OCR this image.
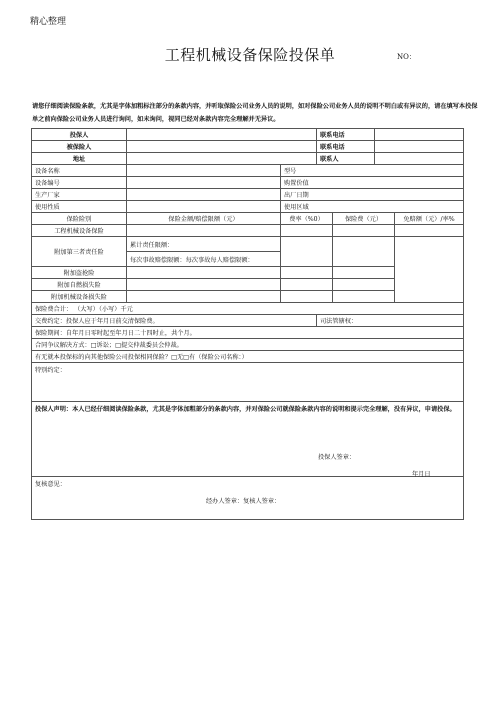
精心整理
工程机械设备保险投保单	NO：
请您仔细阅读保险条款，尤其是字体加粗标注部分的条款内容，并听取保险公司业务人员的说明，如对保险公司业务人员的说明不明白或有异议的，请在填写本投保单之前向保险公司业务人员进行询问，如未询问，视同已经对条款内容完全理解并无异议。
投保人			联系电话			
被保险人			联系电话			
地址			联系人			
设备名称		型号				
设备编号		购置价值				
生产厂家		出厂日期				
使用性质		使用区域				
保险险别	保险金额/赔偿限额（元）	费率（%0）		保险费（元）		免赔额（元）/率%
工程机械设备保险						
附加第三者责任险	累计责任限额：					
	每次事故赔偿限额：每次事故每人赔偿限额：					
附加盗抢险						
附加自燃损失险						
附加机械设备损失险						
保险费合计： （大写）（小写）千元						
交费约定：投保人应于年月日前交清保险费。			司法管辖权：			
保险期间：自年月日零时起至年月日二十四时止，共个月。						
合同争议解决方式：□诉讼；□提交仲裁委员会仲裁。						
有无就本投保标的向其他保险公司投保相同保险？□无□有（保险公司名称：）						
特别约定：						
投保人声明：本人已经仔细阅读保险条款，尤其是字体加粗部分的条款内容，并对保险公司就保险条款内容的说明和提示完全理解，没有异议，申请投保。						
复核意见：						
投保人签章：
年月日
经办人签章：复核人签章：
